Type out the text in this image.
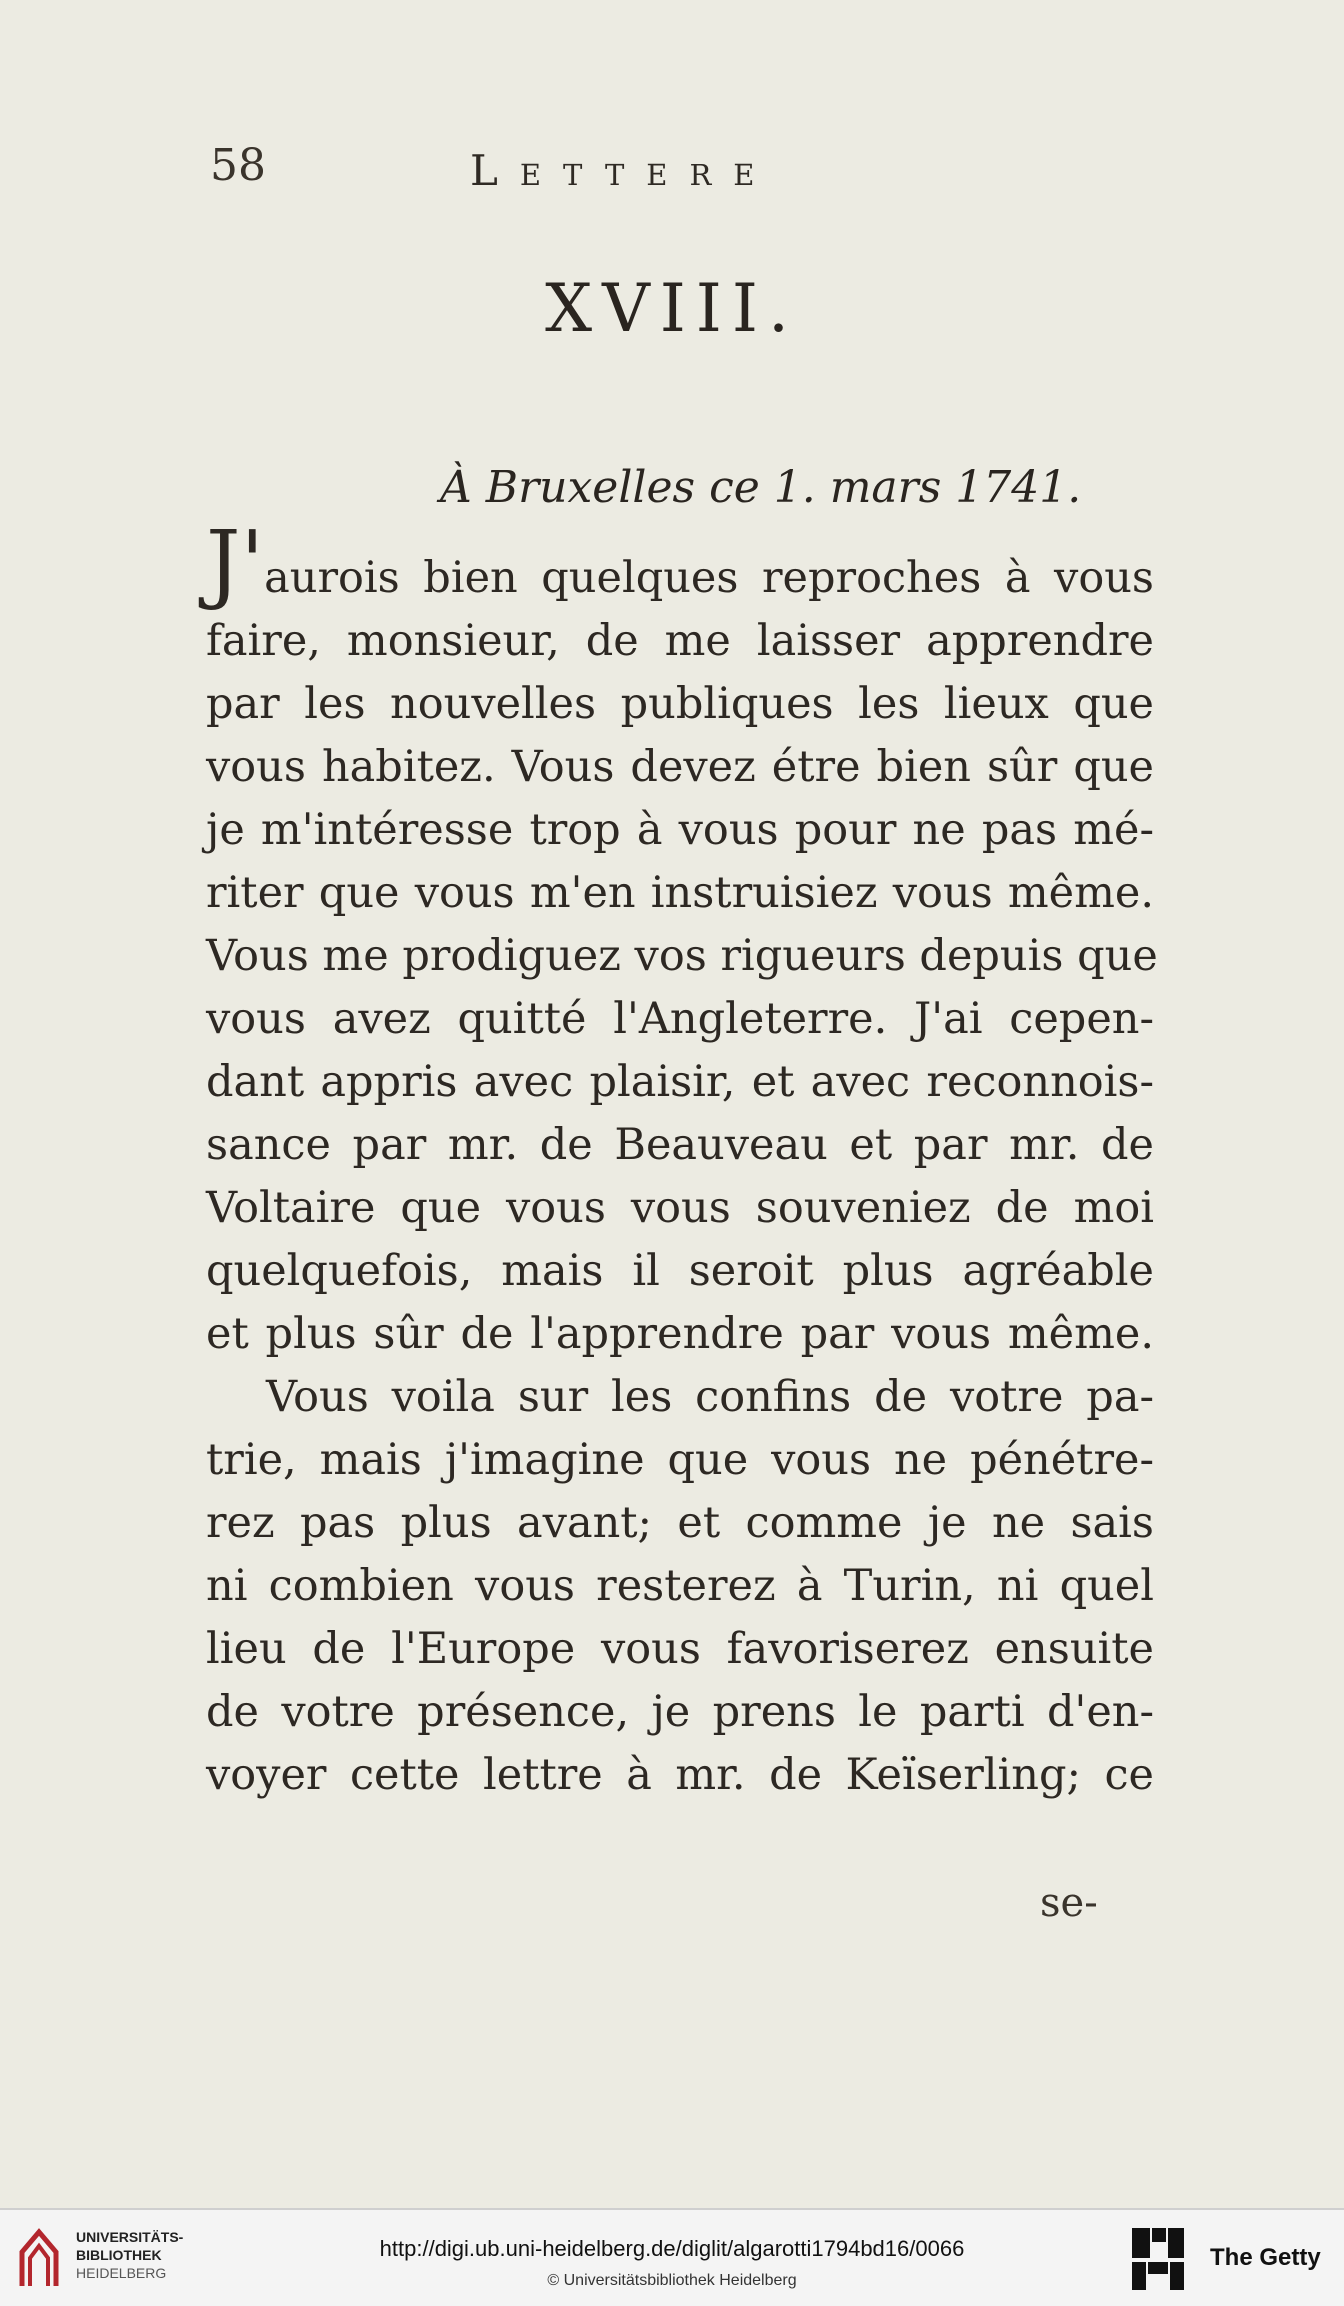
58	Lettere
XVIII.
À Bruxelles ce 1. mars 1741.
J'aurois bien quelques reproches à vous
faire, monsieur, de me laisser apprendre
par les nouvelles publiques les lieux que
vous habitez. Vous devez étre bien sûr que
je m'intéresse trop à vous pour ne pas mé-
riter que vous m'en instruisiez vous même.
Vous me prodiguez vos rigueurs depuis que
vous avez quitté l'Angleterre. J'ai cepen-
dant appris avec plaisir, et avec reconnois-
sance par mr. de Beauveau et par mr. de
Voltaire que vous vous souveniez de moi
quelquefois, mais il seroit plus agréable
et plus sûr de l'apprendre par vous même.
Vous voila sur les confins de votre pa-
trie, mais j'imagine que vous ne pénétre-
rez pas plus avant; et comme je ne sais
ni combien vous resterez à Turin, ni quel
lieu de l'Europe vous favoriserez ensuite
de votre présence, je prens le parti d'en-
voyer cette lettre à mr. de Keïserling; ce
se-
UNIVERSITÄTS-
BIBLIOTHEK
HEIDELBERG
http://digi.ub.uni-heidelberg.de/diglit/algarotti1794bd16/0066
© Universitätsbibliothek Heidelberg
The Getty
